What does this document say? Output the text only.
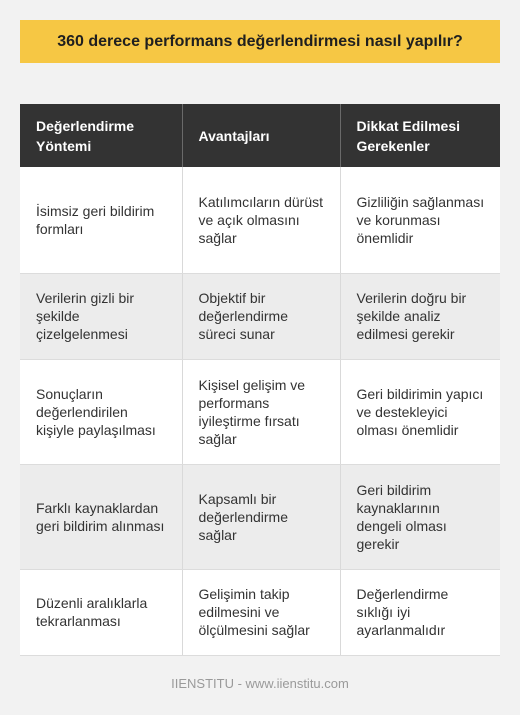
360 derece performans değerlendirmesi nasıl yapılır?
Değerlendirme Yöntemi	Avantajları	Dikkat Edilmesi Gerekenler
İsimsiz geri bildirim formları	Katılımcıların dürüst ve açık olmasını sağlar	Gizliliğin sağlanması ve korunması önemlidir
Verilerin gizli bir şekilde çizelgelenmesi	Objektif bir değerlendirme süreci sunar	Verilerin doğru bir şekilde analiz edilmesi gerekir
Sonuçların değerlendirilen kişiyle paylaşılması	Kişisel gelişim ve performans iyileştirme fırsatı sağlar	Geri bildirimin yapıcı ve destekleyici olması önemlidir
Farklı kaynaklardan geri bildirim alınması	Kapsamlı bir değerlendirme sağlar	Geri bildirim kaynaklarının dengeli olması gerekir
Düzenli aralıklarla tekrarlanması	Gelişimin takip edilmesini ve ölçülmesini sağlar	Değerlendirme sıklığı iyi ayarlanmalıdır
IIENSTITU - www.iienstitu.com
